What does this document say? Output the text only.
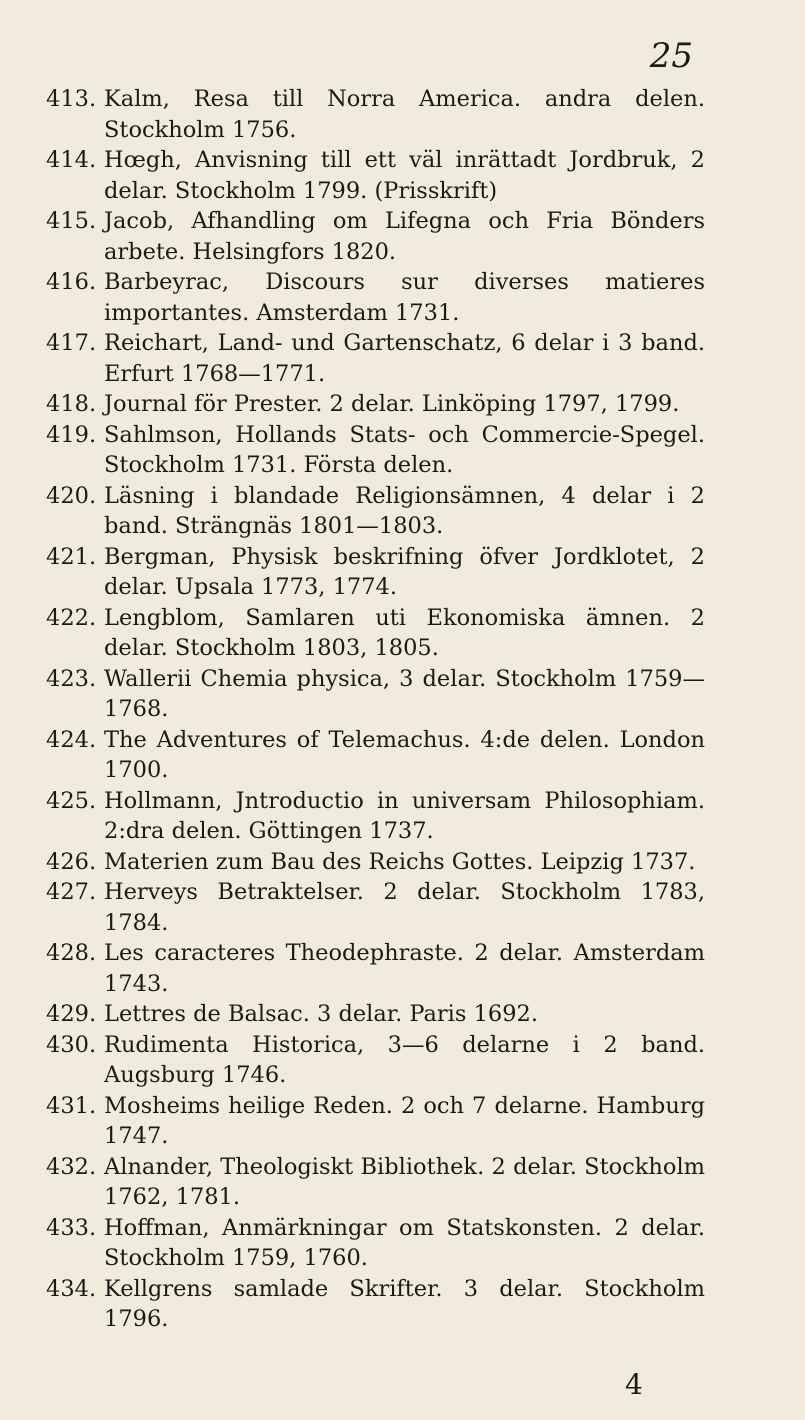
25
413. Kalm, Resa till Norra America. andra delen. Stockholm 1756.
414. Hœgh, Anvisning till ett väl inrättadt Jordbruk, 2 delar. Stockholm 1799. (Prisskrift)
415. Jacob, Afhandling om Lifegna och Fria Bönders arbete. Helsingfors 1820.
416. Barbeyrac, Discours sur diverses matieres importantes. Amsterdam 1731.
417. Reichart, Land- und Gartenschatz, 6 delar i 3 band. Erfurt 1768—1771.
418. Journal för Prester. 2 delar. Linköping 1797, 1799.
419. Sahlmson, Hollands Stats- och Commercie-Spegel. Stockholm 1731. Första delen.
420. Läsning i blandade Religionsämnen, 4 delar i 2 band. Strängnäs 1801—1803.
421. Bergman, Physisk beskrifning öfver Jordklotet, 2 delar. Upsala 1773, 1774.
422. Lengblom, Samlaren uti Ekonomiska ämnen. 2 delar. Stockholm 1803, 1805.
423. Wallerii Chemia physica, 3 delar. Stockholm 1759—1768.
424. The Adventures of Telemachus. 4:de delen. London 1700.
425. Hollmann, Jntroductio in universam Philosophiam. 2:dra delen. Göttingen 1737.
426. Materien zum Bau des Reichs Gottes. Leipzig 1737.
427. Herveys Betraktelser. 2 delar. Stockholm 1783, 1784.
428. Les caracteres Theodephraste. 2 delar. Amsterdam 1743.
429. Lettres de Balsac. 3 delar. Paris 1692.
430. Rudimenta Historica, 3—6 delarne i 2 band. Augsburg 1746.
431. Mosheims heilige Reden. 2 och 7 delarne. Hamburg 1747.
432. Alnander, Theologiskt Bibliothek. 2 delar. Stockholm 1762, 1781.
433. Hoffman, Anmärkningar om Statskonsten. 2 delar. Stockholm 1759, 1760.
434. Kellgrens samlade Skrifter. 3 delar. Stockholm 1796.
4
